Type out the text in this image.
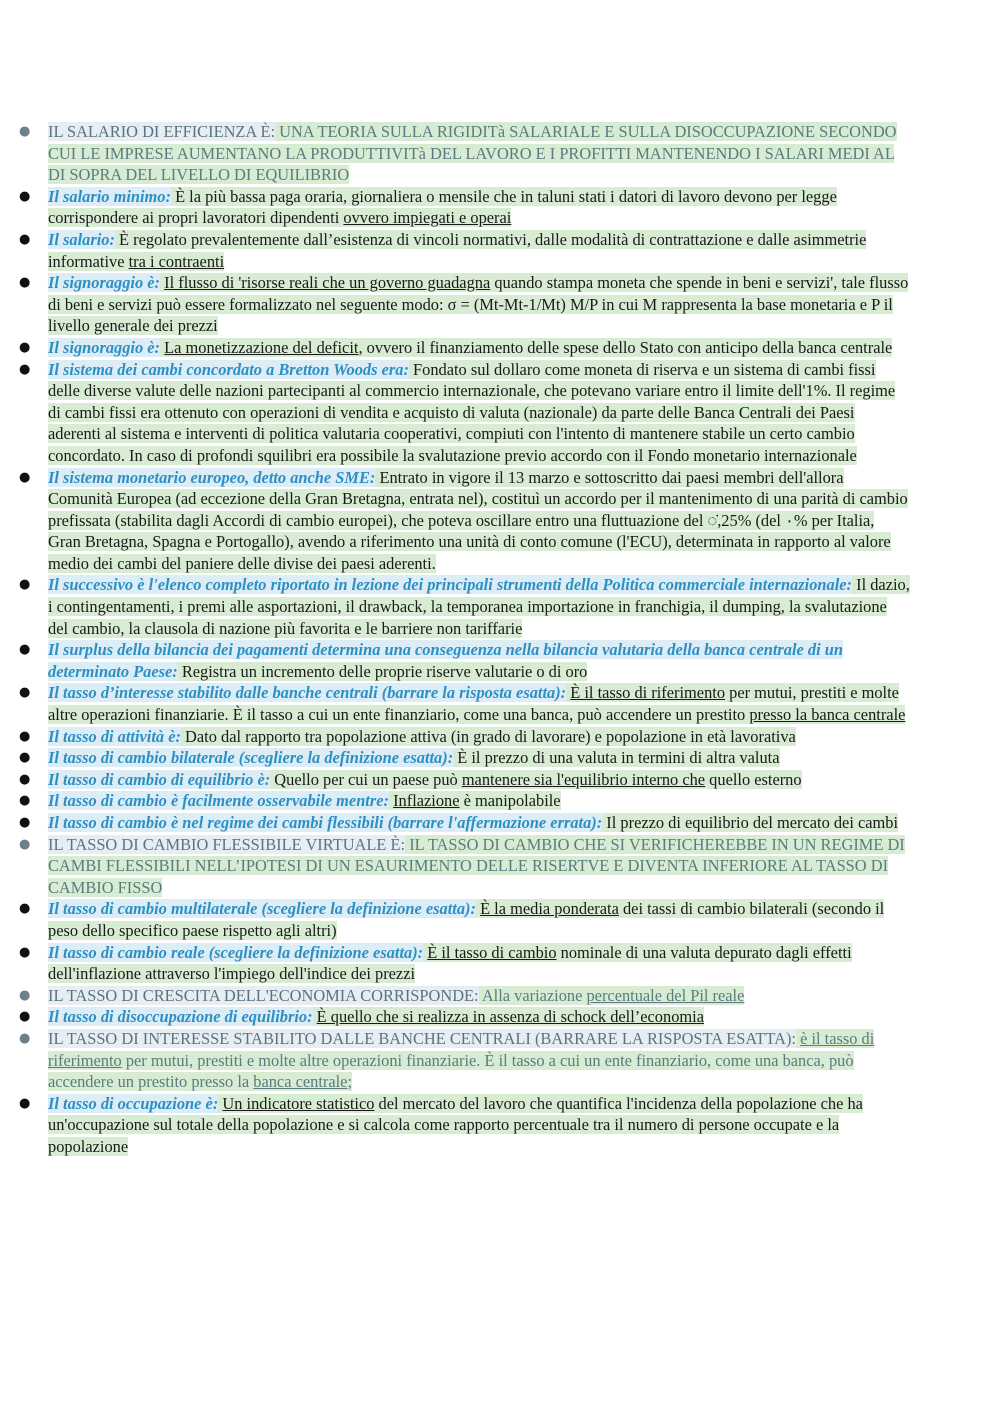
● IL SALARIO DI EFFICIENZA È: UNA TEORIA SULLA RIGIDITà SALARIALE E SULLA DISOCCUPAZIONE SECONDO CUI LE IMPRESE AUMENTANO LA PRODUTTIVITà DEL LAVORO E I PROFITTI MANTENENDO I SALARI MEDI AL DI SOPRA DEL LIVELLO DI EQUILIBRIO
● Il salario minimo: È la più bassa paga oraria, giornaliera o mensile che in taluni stati i datori di lavoro devono per legge corrispondere ai propri lavoratori dipendenti ovvero impiegati e operai
● Il salario: È regolato prevalentemente dall’esistenza di vincoli normativi, dalle modalità di contrattazione e dalle asimmetrie informative tra i contraenti
● Il signoraggio è: Il flusso di 'risorse reali che un governo guadagna quando stampa moneta che spende in beni e servizi', tale flusso di beni e servizi può essere formalizzato nel seguente modo: σ = (Mt-Mt-1/Mt) M/P in cui M rappresenta la base monetaria e P il livello generale dei prezzi
● Il signoraggio è: La monetizzazione del deficit, ovvero il finanziamento delle spese dello Stato con anticipo della banca centrale
● Il sistema dei cambi concordato a Bretton Woods era: Fondato sul dollaro come moneta di riserva e un sistema di cambi fissi delle diverse valute delle nazioni partecipanti al commercio internazionale, che potevano variare entro il limite dell'1%. Il regime di cambi fissi era ottenuto con operazioni di vendita e acquisto di valuta (nazionale) da parte delle Banca Centrali dei Paesi aderenti al sistema e interventi di politica valutaria cooperativi, compiuti con l'intento di mantenere stabile un certo cambio concordato. In caso di profondi squilibri era possibile la svalutazione previo accordo con il Fondo monetario internazionale
● Il sistema monetario europeo, detto anche SME: Entrato in vigore il 13 marzo e sottoscritto dai paesi membri dell'allora Comunità Europea (ad eccezione della Gran Bretagna, entrata nel), costituì un accordo per il mantenimento di una parità di cambio prefissata (stabilita dagli Accordi di cambio europei), che poteva oscillare entro una fluttuazione del ◌̇,25% (del ٠% per Italia, Gran Bretagna, Spagna e Portogallo), avendo a riferimento una unità di conto comune (l'ECU), determinata in rapporto al valore medio dei cambi del paniere delle divise dei paesi aderenti.
● Il successivo è l'elenco completo riportato in lezione dei principali strumenti della Politica commerciale internazionale: Il dazio, i contingentamenti, i premi alle asportazioni, il drawback, la temporanea importazione in franchigia, il dumping, la svalutazione del cambio, la clausola di nazione più favorita e le barriere non tariffarie
● Il surplus della bilancia dei pagamenti determina una conseguenza nella bilancia valutaria della banca centrale di un determinato Paese: Registra un incremento delle proprie riserve valutarie o di oro
● Il tasso d’interesse stabilito dalle banche centrali (barrare la risposta esatta): È il tasso di riferimento per mutui, prestiti e molte altre operazioni finanziarie. È il tasso a cui un ente finanziario, come una banca, può accendere un prestito presso la banca centrale
● Il tasso di attività è: Dato dal rapporto tra popolazione attiva (in grado di lavorare) e popolazione in età lavorativa
● Il tasso di cambio bilaterale (scegliere la definizione esatta): È il prezzo di una valuta in termini di altra valuta
● Il tasso di cambio di equilibrio è: Quello per cui un paese può mantenere sia l'equilibrio interno che quello esterno
● Il tasso di cambio è facilmente osservabile mentre: Inflazione è manipolabile
● Il tasso di cambio è nel regime dei cambi flessibili (barrare l'affermazione errata): Il prezzo di equilibrio del mercato dei cambi
● IL TASSO DI CAMBIO FLESSIBILE VIRTUALE È: IL TASSO DI CAMBIO CHE SI VERIFICHEREBBE IN UN REGIME DI CAMBI FLESSIBILI NELL’IPOTESI DI UN ESAURIMENTO DELLE RISERTVE E DIVENTA INFERIORE AL TASSO DI CAMBIO FISSO
● Il tasso di cambio multilaterale (scegliere la definizione esatta): È la media ponderata dei tassi di cambio bilaterali (secondo il peso dello specifico paese rispetto agli altri)
● Il tasso di cambio reale (scegliere la definizione esatta): È il tasso di cambio nominale di una valuta depurato dagli effetti dell'inflazione attraverso l'impiego dell'indice dei prezzi
● IL TASSO DI CRESCITA DELL'ECONOMIA CORRISPONDE: Alla variazione percentuale del Pil reale
● Il tasso di disoccupazione di equilibrio: È quello che si realizza in assenza di schock dell’economia
● IL TASSO DI INTERESSE STABILITO DALLE BANCHE CENTRALI (BARRARE LA RISPOSTA ESATTA): è il tasso di riferimento per mutui, prestiti e molte altre operazioni finanziarie. È il tasso a cui un ente finanziario, come una banca, può accendere un prestito presso la banca centrale;
● Il tasso di occupazione è: Un indicatore statistico del mercato del lavoro che quantifica l'incidenza della popolazione che ha un'occupazione sul totale della popolazione e si calcola come rapporto percentuale tra il numero di persone occupate e la popolazione
